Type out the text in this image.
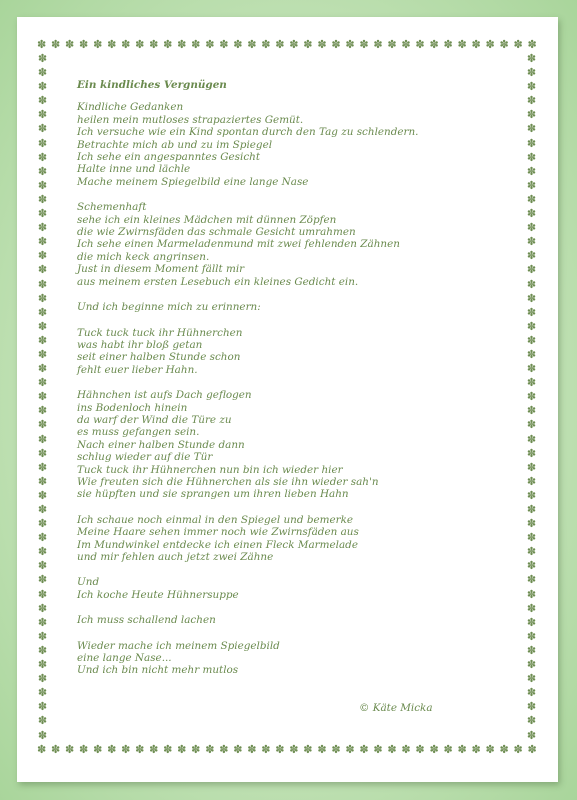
✽ ✽ ✽ ✽ ✽ ✽ ✽ ✽ ✽ ✽ ✽ ✽ ✽ ✽ ✽ ✽ ✽ ✽ ✽ ✽ ✽ ✽ ✽ ✽ ✽ ✽ ✽ ✽ ✽ ✽ ✽ ✽ ✽ ✽ ✽ ✽
✽ ✽ ✽ ✽ ✽ ✽ ✽ ✽ ✽ ✽ ✽ ✽ ✽ ✽ ✽ ✽ ✽ ✽ ✽ ✽ ✽ ✽ ✽ ✽ ✽ ✽ ✽ ✽ ✽ ✽ ✽ ✽ ✽ ✽ ✽ ✽
✽
✽
✽
✽
✽
✽
✽
✽
✽
✽
✽
✽
✽
✽
✽
✽
✽
✽
✽
✽
✽
✽
✽
✽
✽
✽
✽
✽
✽
✽
✽
✽
✽
✽
✽
✽
✽
✽
✽
✽
✽
✽
✽
✽
✽
✽
✽
✽
✽
✽
✽
✽
✽
✽
✽
✽
✽
✽
✽
✽
✽
✽
✽
✽
✽
✽
✽
✽
✽
✽
✽
✽
✽
✽
✽
✽
✽
✽
✽
✽
✽
✽
✽
✽
✽
✽
✽
✽
✽
✽
✽
✽
✽
✽
✽
✽
✽
✽
Ein kindliches Vergnügen
Kindliche Gedanken
heilen mein mutloses strapaziertes Gemüt.
Ich versuche wie ein Kind spontan durch den Tag zu schlendern.
Betrachte mich ab und zu im Spiegel
Ich sehe ein angespanntes Gesicht
Halte inne und lächle
Mache meinem Spiegelbild eine lange Nase
Schemenhaft
sehe ich ein kleines Mädchen mit dünnen Zöpfen
die wie Zwirnsfäden das schmale Gesicht umrahmen
Ich sehe einen Marmeladenmund mit zwei fehlenden Zähnen
die mich keck angrinsen.
Just in diesem Moment fällt mir
aus meinem ersten Lesebuch ein kleines Gedicht ein.
Und ich beginne mich zu erinnern:
Tuck tuck tuck ihr Hühnerchen
was habt ihr bloß getan
seit einer halben Stunde schon
fehlt euer lieber Hahn.
Hähnchen ist aufs Dach geflogen
ins Bodenloch hinein
da warf der Wind die Türe zu
es muss gefangen sein.
Nach einer halben Stunde dann
schlug wieder auf die Tür
Tuck tuck ihr Hühnerchen nun bin ich wieder hier
Wie freuten sich die Hühnerchen als sie ihn wieder sah'n
sie hüpften und sie sprangen um ihren lieben Hahn
Ich schaue noch einmal in den Spiegel und bemerke
Meine Haare sehen immer noch wie Zwirnsfäden aus
Im Mundwinkel entdecke ich einen Fleck Marmelade
und mir fehlen auch jetzt zwei Zähne
Und
Ich koche Heute Hühnersuppe
Ich muss schallend lachen
Wieder mache ich meinem Spiegelbild
eine lange Nase...
Und ich bin nicht mehr mutlos
© Käte Micka
